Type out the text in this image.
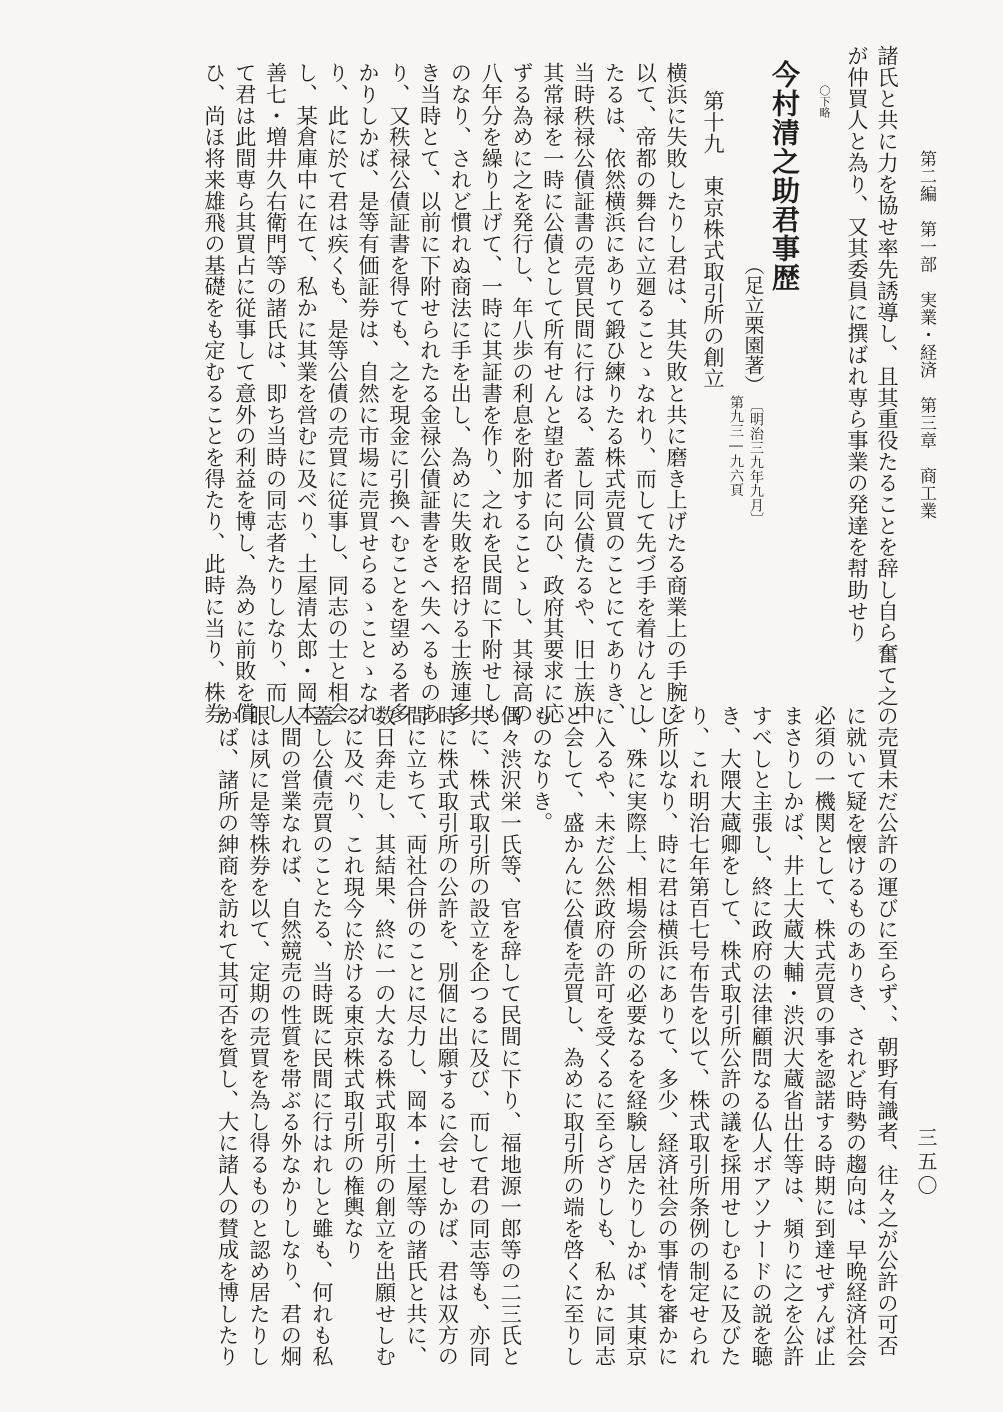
第二編　第一部　実業・経済　第三章　商工業
三五〇
諸氏と共に力を協せ率先誘導し、且其重役たることを辞し自ら奮て之
が仲買人と為り、又其委員に撰ばれ専ら事業の発達を幇助せり
〇下略
今村清之助君事歴
（足立栗園著）
第九三―九六頁 〔明治三九年九月〕
第十九　東京株式取引所の創立
横浜に失敗したりし君は、其失敗と共に磨き上げたる商業上の手腕を
以て、帝都の舞台に立廻ることゝなれり、而して先づ手を着けんとし
たるは、依然横浜にありて鍛ひ練りたる株式売買のことにてありき、
当時秩禄公債証書の売買民間に行はる、蓋し同公債たるや、旧士族中
其常禄を一時に公債として所有せんと望む者に向ひ、政府其要求に応
ずる為めに之を発行し、年八歩の利息を附加することゝし、其禄高の
八年分を繰り上げて、一時に其証書を作り、之れを民間に下附せしも
のなり、されど慣れぬ商法に手を出し、為めに失敗を招ける士族連多
き当時とて、以前に下附せられたる金禄公債証書をさへ失へるものあ
り、又秩禄公債証書を得ても、之を現金に引換へむことを望める者多
かりしかば、是等有価証券は、自然に市場に売買せらるゝことゝなれ
り、此に於て君は疾くも、是等公債の売買に従事し、同志の士と相会
し、某倉庫中に在て、私かに其業を営むに及べり、土屋清太郎・岡本
善七・増井久右衛門等の諸氏は、即ち当時の同志者たりしなり、而し
て君は此間専ら其買占に従事して意外の利益を博し、為めに前敗を償
ひ、尚ほ将来雄飛の基礎をも定むることを得たり、此時に当り、株券
の売買未だ公許の運びに至らず、、朝野有識者、往々之が公許の可否
に就いて疑を懐けるものありき、されど時勢の趨向は、早晩経済社会
必須の一機関として、株式売買の事を認諾する時期に到達せずんば止
まさりしかば、井上大蔵大輔・渋沢大蔵省出仕等は、頻りに之を公許
すべしと主張し、終に政府の法律顧問なる仏人ボアソナードの説を聴
き、大隈大蔵卿をして、株式取引所公許の議を採用せしむるに及びた
り、これ明治七年第百七号布告を以て、株式取引所条例の制定せられ
し所以なり、時に君は横浜にありて、多少、経済社会の事情を審かに
し、殊に実際上、相場会所の必要なるを経験し居たりしかば、其東京
に入るや、未だ公然政府の許可を受くるに至らざりしも、私かに同志
と会して、盛かんに公債を売買し、為めに取引所の端を啓くに至りし
ものなりき。
偶々渋沢栄一氏等、官を辞して民間に下り、福地源一郎等の二三氏と
共に、株式取引所の設立を企つるに及び、而して君の同志等も、亦同
時に株式取引所の公許を、別個に出願するに会せしかば、君は双方の
間に立ちて、両社合併のことに尽力し、岡本・土屋等の諸氏と共に、
数日奔走し、其結果、終に一の大なる株式取引所の創立を出願せしむ
るに及べり、これ現今に於ける東京株式取引所の権輿なり
蓋し公債売買のことたる、当時既に民間に行はれしと雖も、何れも私
人間の営業なれば、自然競売の性質を帯ぶる外なかりしなり、君の炯
眼は夙に是等株券を以て、定期の売買を為し得るものと認め居たりし
かば、諸所の紳商を訪れて其可否を質し、大に諸人の賛成を博したり
